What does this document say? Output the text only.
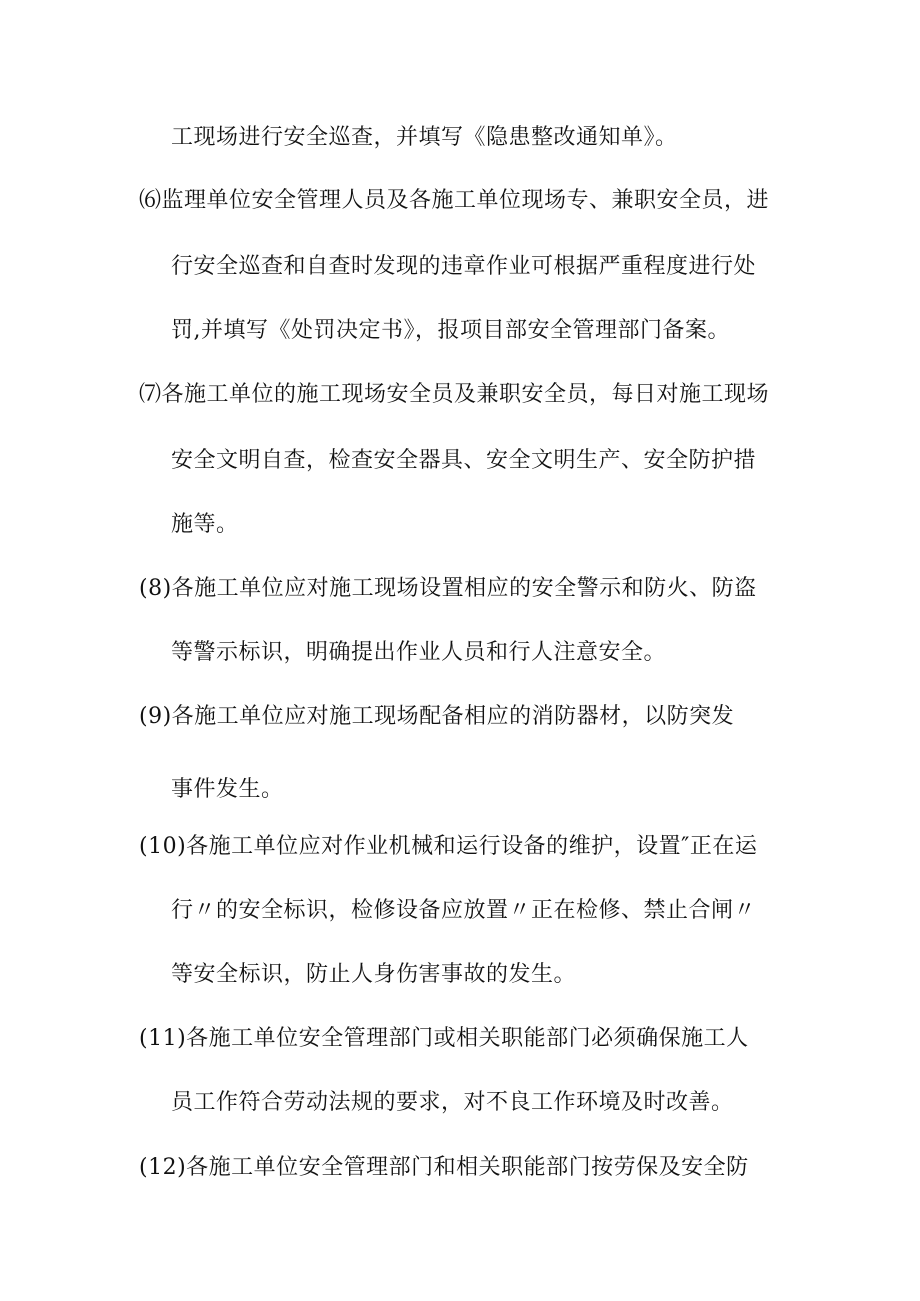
工现场进行安全巡查，并填写《隐患整改通知单》。
⑹监理单位安全管理人员及各施工单位现场专、兼职安全员，进
行安全巡查和自查时发现的违章作业可根据严重程度进行处
罚,并填写《处罚决定书》，报项目部安全管理部门备案。
⑺各施工单位的施工现场安全员及兼职安全员，每日对施工现场
安全文明自查，检查安全器具、安全文明生产、安全防护措
施等。
(8)各施工单位应对施工现场设置相应的安全警示和防火、防盗
等警示标识，明确提出作业人员和行人注意安全。
(9)各施工单位应对施工现场配备相应的消防器材，以防突发
事件发生。
(10)各施工单位应对作业机械和运行设备的维护，设置″正在运
行〃的安全标识，检修设备应放置〃正在检修、禁止合闸〃
等安全标识，防止人身伤害事故的发生。
(11)各施工单位安全管理部门或相关职能部门必须确保施工人
员工作符合劳动法规的要求，对不良工作环境及时改善。
(12)各施工单位安全管理部门和相关职能部门按劳保及安全防
